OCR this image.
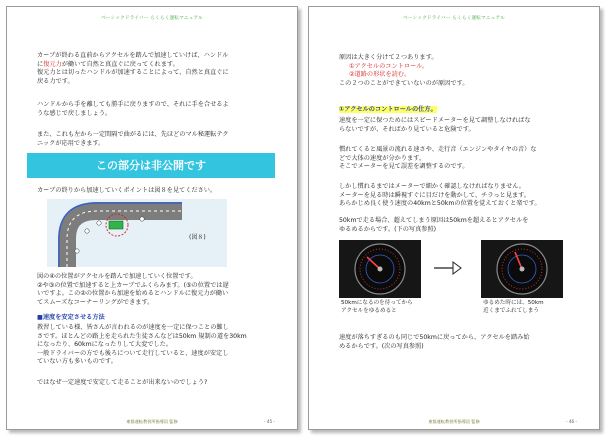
ベーシックドライバー らくらく運転マニュアル
カーブが終わる直前からアクセルを踏んで加速していけば、ハンドル
に復元力が働いて自然と真直ぐに戻ってくれます。
復元力とは切ったハンドルが加速することによって、自然と真直ぐに
戻る力です。
ハンドルから手を離しても勝手に戻りますので、それに手を合せるよ
うな感じで戻しましょう。
また、これも左から一定間隔で曲がるには、先ほどのマル秘運転テク
ニックが応用できます。
この部分は非公開です
カーブの終りから加速していくポイントは図８を見てください。
(図８)
図の④の位置がアクセルを踏んで加速していく位置です。
②や③の位置で加速すると上カーブでふくらみます。(⑤の位置では遅
いですよ。この②の位置から加速を始めるとハンドルに復元力が働い
てスムーズなコーナーリングができます。
■速度を安定させる方法
教習している様、皆さんが言われるのが速度を一定に保つことの難し
さです。ほとんどの路上を走られた生徒さんなどは50km 規制の道を30km
になったり、60kmになったりして大変でした。
一般ドライバーの方でも後ろについて走行していると、速度が安定し
ていない方も多いものです。
ではなぜ一定速度で安定して走ることが出来ないのでしょう?
東都運転教習所指導員 監修	- 45 -
ベーシックドライバー らくらく運転マニュアル
原因は大きく分けて２つあります。
①アクセルのコントロール。
②道路の形状を読む。
この２つのことができていないのが原因です。
①アクセルのコントロールの仕方。
速度を一定に保つためにはスピードメーターを見て調整しなければな
らないですが、そればかり見ていると危険です。
慣れてくると風景の流れる速さや、走行音（エンジンやタイヤの音）な
どで大体の速度が分かります。
そこでメーターを見て誤差を調整するのです。
しかし慣れるまではメーターで細かく確認しなければなりません。
メーターを見る時は瞬視すぐに目だけを動かして、チラっと見ます。
あらかじめ良く使う速度の40kmと50kmの位置を覚えておくと楽です。
50kmで走る場合、超えてしまう原因は50kmを超えるとアクセルを
ゆるめるからです。(下の写真参照)
50kmになるのを待ってから
アクセルをゆるめると
ゆるめた時には、50km
近くまでふれてしまう
速度が落ちすぎるのも同じで50kmに戻ってから、アクセルを踏み始
めるからです。(次の写真参照)
東都運転教習所指導員 監修	- 46 -
